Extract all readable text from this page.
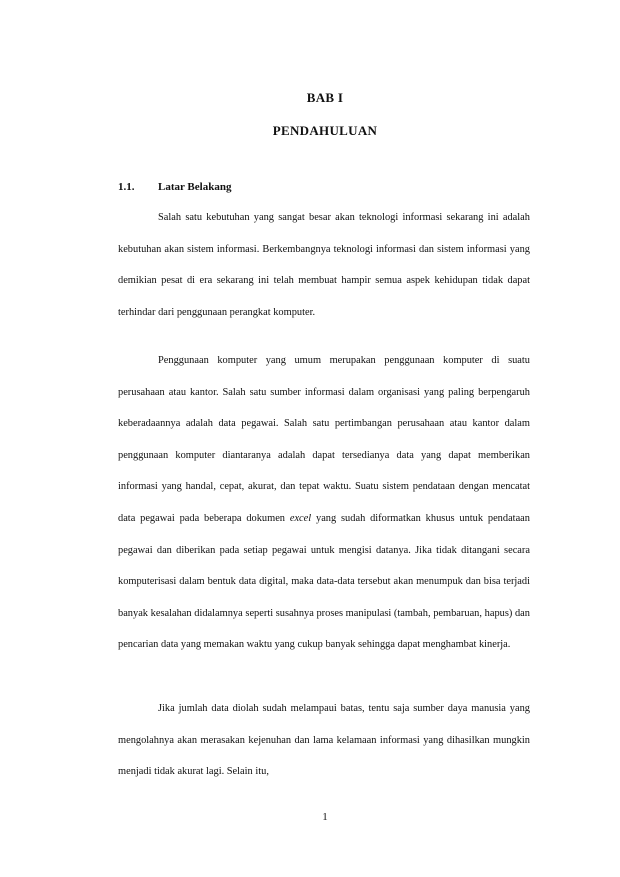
BAB I
PENDAHULUAN
1.1. Latar Belakang

Salah satu kebutuhan yang sangat besar akan teknologi informasi sekarang ini adalah kebutuhan akan sistem informasi. Berkembangnya teknologi informasi dan sistem informasi yang demikian pesat di era sekarang ini telah membuat hampir semua aspek kehidupan tidak dapat terhindar dari penggunaan perangkat komputer.

Penggunaan komputer yang umum merupakan penggunaan komputer di suatu perusahaan atau kantor. Salah satu sumber informasi dalam organisasi yang paling berpengaruh keberadaannya adalah data pegawai. Salah satu pertimbangan perusahaan atau kantor dalam penggunaan komputer diantaranya adalah dapat tersedianya data yang dapat memberikan informasi yang handal, cepat, akurat, dan tepat waktu. Suatu sistem pendataan dengan mencatat data pegawai pada beberapa dokumen excel yang sudah diformatkan khusus untuk pendataan pegawai dan diberikan pada setiap pegawai untuk mengisi datanya. Jika tidak ditangani secara komputerisasi dalam bentuk data digital, maka data-data tersebut akan menumpuk dan bisa terjadi banyak kesalahan didalamnya seperti susahnya proses manipulasi (tambah, pembaruan, hapus) dan pencarian data yang memakan waktu yang cukup banyak sehingga dapat menghambat kinerja.

Jika jumlah data diolah sudah melampaui batas, tentu saja sumber daya manusia yang mengolahnya akan merasakan kejenuhan dan lama kelamaan informasi yang dihasilkan mungkin menjadi tidak akurat lagi. Selain itu,

1
